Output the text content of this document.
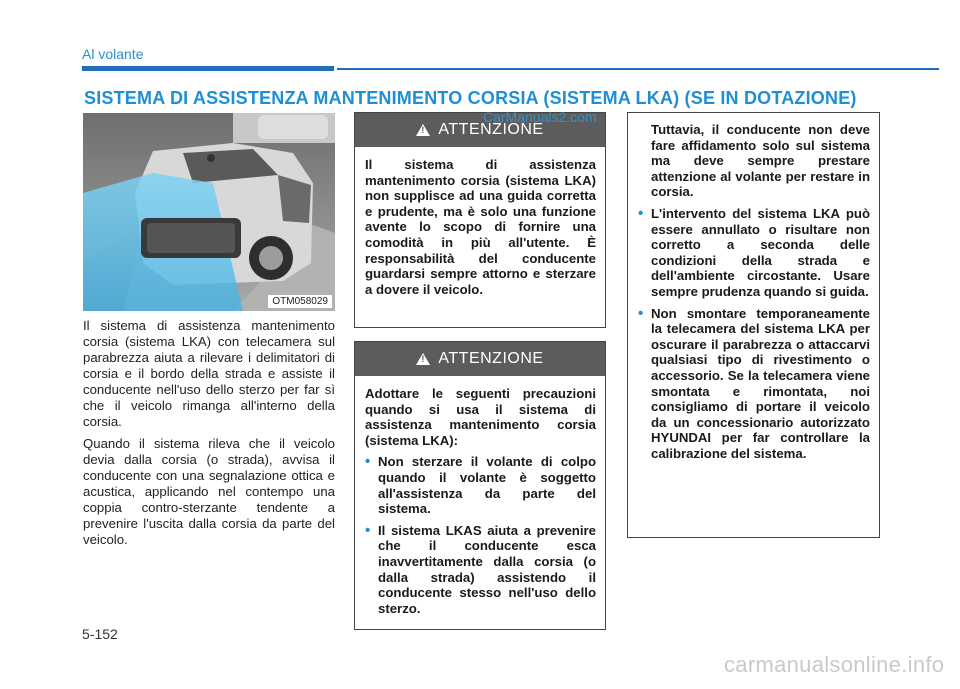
Al volante
SISTEMA DI ASSISTENZA MANTENIMENTO CORSIA (SISTEMA LKA) (SE IN DOTAZIONE)
OTM058029

Il sistema di assistenza mantenimento corsia (sistema LKA) con telecamera sul parabrezza aiuta a rilevare i delimitatori di corsia e il bordo della strada e assiste il conducente nell'uso dello sterzo per far sì che il veicolo rimanga all'interno della corsia.

Quando il sistema rileva che il veicolo devia dalla corsia (o strada), avvisa il conducente con una segnalazione ottica e acustica, applicando nel contempo una coppia contro-sterzante tendente a prevenire l'uscita dalla corsia da parte del veicolo.

!
ATTENZIONE

Il sistema di assistenza mantenimento corsia (sistema LKA) non supplisce ad una guida corretta e prudente, ma è solo una funzione avente lo scopo di fornire una comodità in più all'utente. È responsabilità del conducente guardarsi sempre attorno e sterzare a dovere il veicolo.

!
ATTENZIONE

Adottare le seguenti precauzioni quando si usa il sistema di assistenza mantenimento corsia (sistema LKA):

• Non sterzare il volante di colpo quando il volante è soggetto all'assistenza da parte del sistema.
• Il sistema LKAS aiuta a prevenire che il conducente esca inavvertitamente dalla corsia (o dalla strada) assistendo il conducente stesso nell'uso dello sterzo.

Tuttavia, il conducente non deve fare affidamento solo sul sistema ma deve sempre prestare attenzione al volante per restare in corsia.

• L'intervento del sistema LKA può essere annullato o risultare non corretto a seconda delle condizioni della strada e dell'ambiente circostante. Usare sempre prudenza quando si guida.
• Non smontare temporaneamente la telecamera del sistema LKA per oscurare il parabrezza o attaccarvi qualsiasi tipo di rivestimento o accessorio. Se la telecamera viene smontata e rimontata, noi consigliamo di portare il veicolo da un concessionario autorizzato HYUNDAI per far controllare la calibrazione del sistema.
CarManuals2.com
5-152
carmanualsonline.info
